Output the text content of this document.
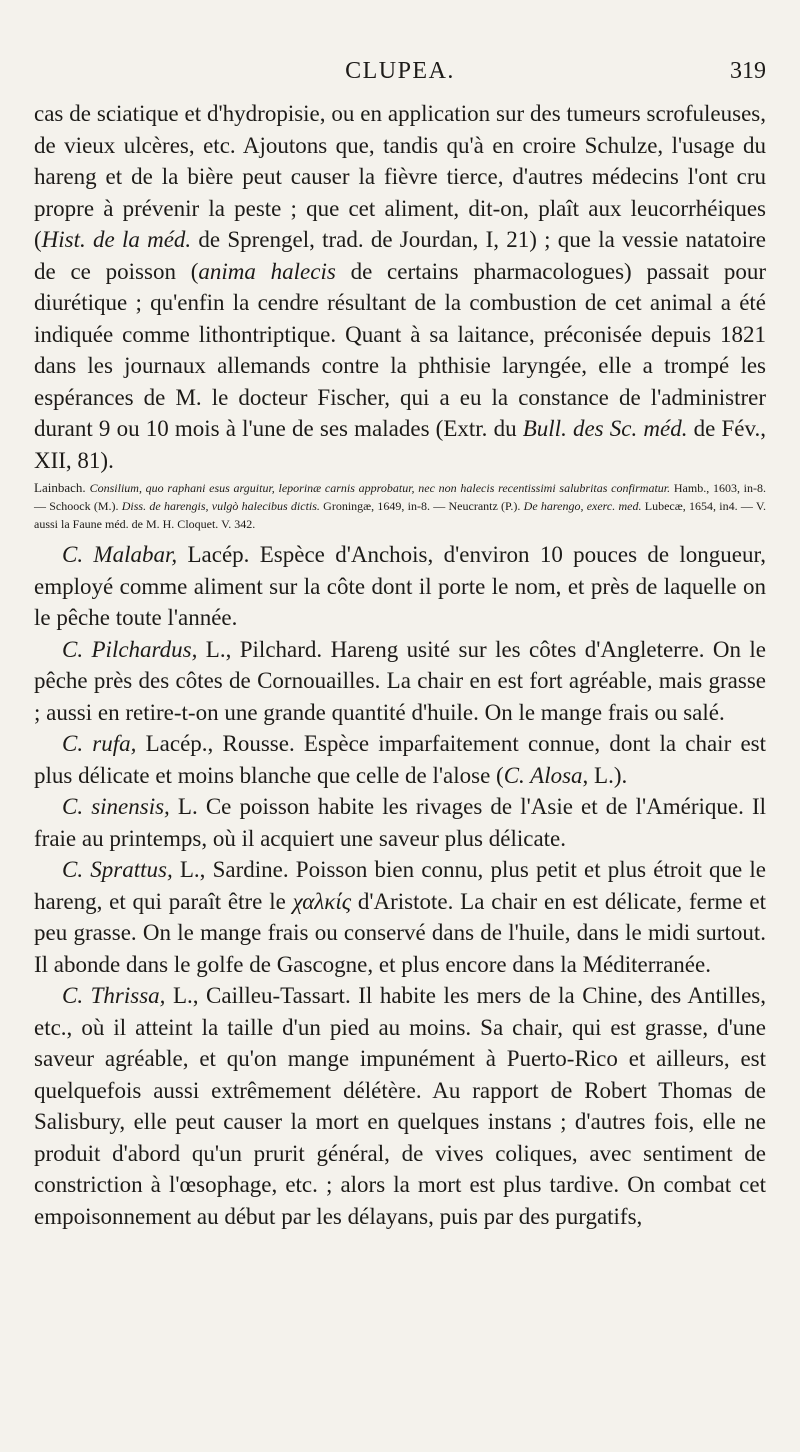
CLUPEA.	319

cas de sciatique et d'hydropisie, ou en application sur des tumeurs scrofuleuses, de vieux ulcères, etc. Ajoutons que, tandis qu'à en croire Schulze, l'usage du hareng et de la bière peut causer la fièvre tierce, d'autres médecins l'ont cru propre à prévenir la peste ; que cet aliment, dit-on, plaît aux leucorrhéiques (Hist. de la méd. de Sprengel, trad. de Jourdan, I, 21) ; que la vessie natatoire de ce poisson (anima halecis de certains pharmacologues) passait pour diurétique ; qu'enfin la cendre résultant de la combustion de cet animal a été indiquée comme lithontriptique. Quant à sa laitance, préconisée depuis 1821 dans les journaux allemands contre la phthisie laryngée, elle a trompé les espérances de M. le docteur Fischer, qui a eu la constance de l'administrer durant 9 ou 10 mois à l'une de ses malades (Extr. du Bull. des Sc. méd. de Fév., XII, 81).

Lainbach. Consilium, quo raphani esus arguitur, leporinæ carnis approbatur, nec non halecis recentissimi salubritas confirmatur. Hamb., 1603, in-8. — Schoock (M.). Diss. de harengis, vulgò halecibus dictis. Groningæ, 1649, in-8. — Neucrantz (P.). De harengo, exerc. med. Lubecæ, 1654, in4. — V. aussi la Faune méd. de M. H. Cloquet. V. 342.

C. Malabar, Lacép. Espèce d'Anchois, d'environ 10 pouces de longueur, employé comme aliment sur la côte dont il porte le nom, et près de laquelle on le pêche toute l'année.

C. Pilchardus, L., Pilchard. Hareng usité sur les côtes d'Angleterre. On le pêche près des côtes de Cornouailles. La chair en est fort agréable, mais grasse ; aussi en retire-t-on une grande quantité d'huile. On le mange frais ou salé.

C. rufa, Lacép., Rousse. Espèce imparfaitement connue, dont la chair est plus délicate et moins blanche que celle de l'alose (C. Alosa, L.).

C. sinensis, L. Ce poisson habite les rivages de l'Asie et de l'Amérique. Il fraie au printemps, où il acquiert une saveur plus délicate.

C. Sprattus, L., Sardine. Poisson bien connu, plus petit et plus étroit que le hareng, et qui paraît être le χαλκίς d'Aristote. La chair en est délicate, ferme et peu grasse. On le mange frais ou conservé dans de l'huile, dans le midi surtout. Il abonde dans le golfe de Gascogne, et plus encore dans la Méditerranée.

C. Thrissa, L., Cailleu-Tassart. Il habite les mers de la Chine, des Antilles, etc., où il atteint la taille d'un pied au moins. Sa chair, qui est grasse, d'une saveur agréable, et qu'on mange impunément à Puerto-Rico et ailleurs, est quelquefois aussi extrêmement délétère. Au rapport de Robert Thomas de Salisbury, elle peut causer la mort en quelques instans ; d'autres fois, elle ne produit d'abord qu'un prurit général, de vives coliques, avec sentiment de constriction à l'œsophage, etc. ; alors la mort est plus tardive. On combat cet empoisonnement au début par les délayans, puis par des purgatifs,
